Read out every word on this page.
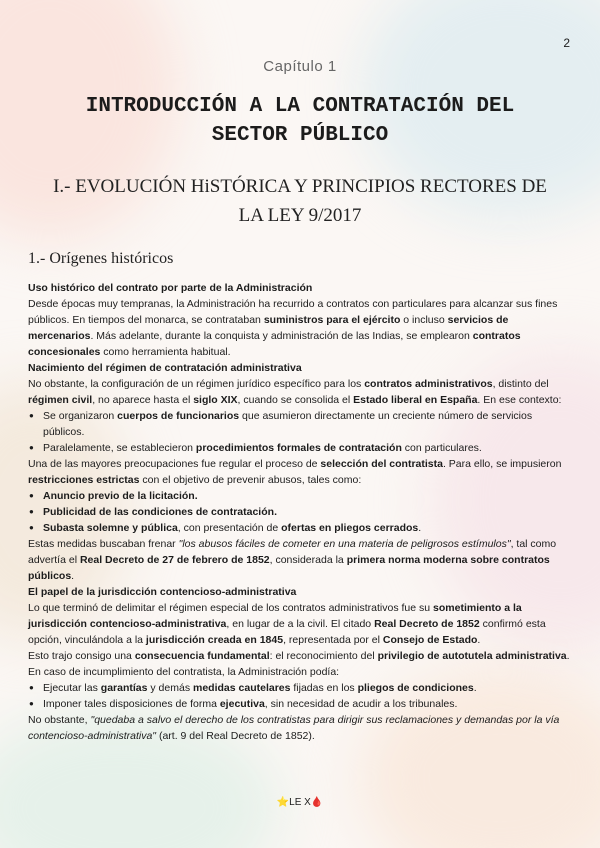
2
Capítulo 1
INTRODUCCIÓN A LA CONTRATACIÓN DEL
SECTOR PÚBLICO
I.- EVOLUCIÓN HiSTÓRICA Y PRINCIPIOS RECTORES DE
LA LEY 9/2017
1.- Orígenes históricos

Uso histórico del contrato por parte de la Administración

Desde épocas muy tempranas, la Administración ha recurrido a contratos con particulares para alcanzar sus fines públicos. En tiempos del monarca, se contrataban suministros para el ejército o incluso servicios de mercenarios. Más adelante, durante la conquista y administración de las Indias, se emplearon contratos concesionales como herramienta habitual.

Nacimiento del régimen de contratación administrativa

No obstante, la configuración de un régimen jurídico específico para los contratos administrativos, distinto del régimen civil, no aparece hasta el siglo XIX, cuando se consolida el Estado liberal en España. En ese contexto:

● Se organizaron cuerpos de funcionarios que asumieron directamente un creciente número de servicios públicos.
● Paralelamente, se establecieron procedimientos formales de contratación con particulares.

Una de las mayores preocupaciones fue regular el proceso de selección del contratista. Para ello, se impusieron restricciones estrictas con el objetivo de prevenir abusos, tales como:

● Anuncio previo de la licitación.
● Publicidad de las condiciones de contratación.
● Subasta solemne y pública, con presentación de ofertas en pliegos cerrados.

Estas medidas buscaban frenar "los abusos fáciles de cometer en una materia de peligrosos estímulos", tal como advertía el Real Decreto de 27 de febrero de 1852, considerada la primera norma moderna sobre contratos públicos.

El papel de la jurisdicción contencioso-administrativa

Lo que terminó de delimitar el régimen especial de los contratos administrativos fue su sometimiento a la jurisdicción contencioso-administrativa, en lugar de a la civil. El citado Real Decreto de 1852 confirmó esta opción, vinculándola a la jurisdicción creada en 1845, representada por el Consejo de Estado.

Esto trajo consigo una consecuencia fundamental: el reconocimiento del privilegio de autotutela administrativa. En caso de incumplimiento del contratista, la Administración podía:

● Ejecutar las garantías y demás medidas cautelares fijadas en los pliegos de condiciones.
● Imponer tales disposiciones de forma ejecutiva, sin necesidad de acudir a los tribunales.

No obstante, "quedaba a salvo el derecho de los contratistas para dirigir sus reclamaciones y demandas por la vía contencioso-administrativa" (art. 9 del Real Decreto de 1852).

⭐LE X🩸
